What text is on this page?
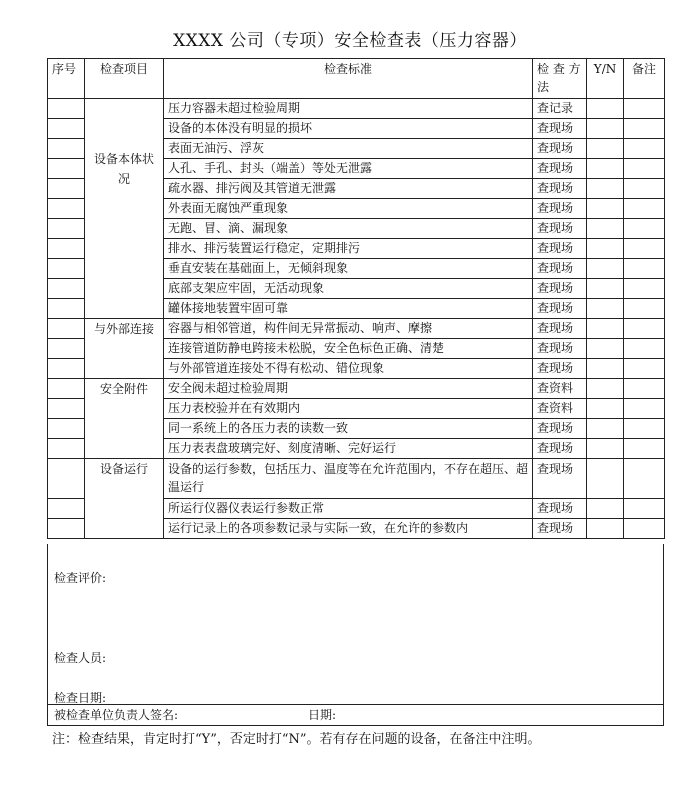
XXXX 公司（专项）安全检查表（压力容器）
序号	检查项目	检查标准	检 查 方法	Y/N	备注
	设备本体状况	压力容器未超过检验周期	查记录		
		设备的本体没有明显的损坏	查现场		
		表面无油污、浮灰	查现场		
		人孔、手孔、封头（端盖）等处无泄露	查现场		
		疏水器、排污阀及其管道无泄露	查现场		
		外表面无腐蚀严重现象	查现场		
		无跑、冒、滴、漏现象	查现场		
		排水、排污装置运行稳定，定期排污	查现场		
		垂直安装在基础面上，无倾斜现象	查现场		
		底部支架应牢固，无活动现象	查现场		
		罐体接地装置牢固可靠	查现场		
	与外部连接	容器与相邻管道，构件间无异常振动、响声、摩擦	查现场		
		连接管道防静电跨接未松脱，安全色标色正确、清楚	查现场		
		与外部管道连接处不得有松动、错位现象	查现场		
	安全附件	安全阀未超过检验周期	查资料		
		压力表校验并在有效期内	查资料		
		同一系统上的各压力表的读数一致	查现场		
		压力表表盘玻璃完好、刻度清晰、完好运行	查现场		
	设备运行	设备的运行参数，包括压力、温度等在允许范围内，不存在超压、超温运行	查现场		
		所运行仪器仪表运行参数正常	查现场		
		运行记录上的各项参数记录与实际一致，在允许的参数内	查现场		
检查评价:
检查人员:
检查日期:
被检查单位负责人签名:	日期:
注：检查结果，肯定时打“Y”，否定时打“N”。若有存在问题的设备，在备注中注明。
